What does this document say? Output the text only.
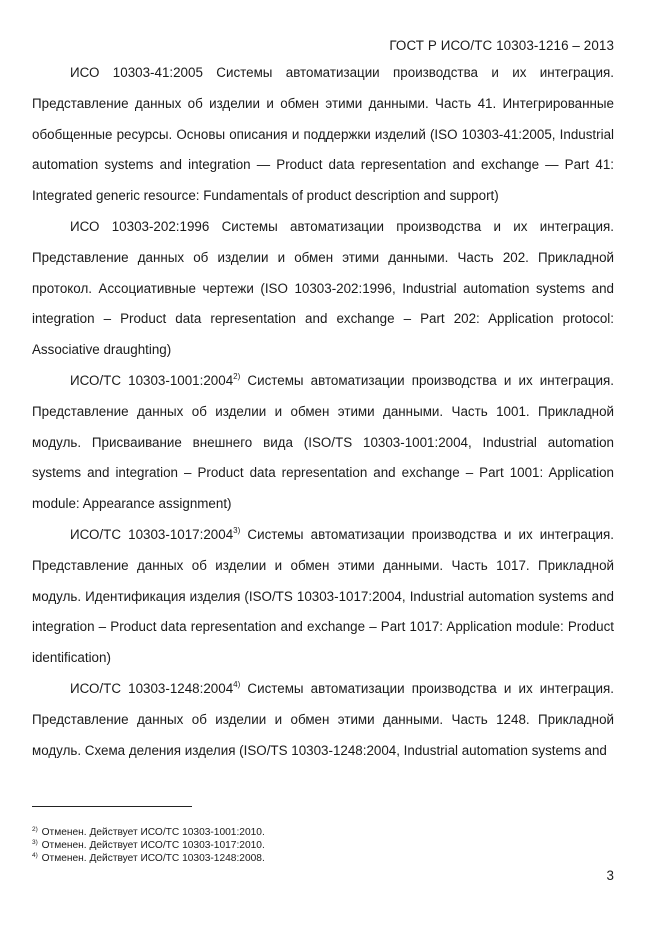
ГОСТ Р ИСО/ТС 10303-1216 – 2013

ИСО 10303-41:2005 Системы автоматизации производства и их интеграция. Представление данных об изделии и обмен этими данными. Часть 41. Интегрированные обобщенные ресурсы. Основы описания и поддержки изделий (ISO 10303-41:2005, Industrial automation systems and integration — Product data representation and exchange — Part 41: Integrated generic resource: Fundamentals of product description and support)

ИСО 10303-202:1996 Системы автоматизации производства и их интеграция. Представление данных об изделии и обмен этими данными. Часть 202. Прикладной протокол. Ассоциативные чертежи (ISO 10303-202:1996, Industrial automation systems and integration – Product data representation and exchange – Part 202: Application protocol: Associative draughting)

ИСО/ТС 10303-1001:2004$^{2)}$ Системы автоматизации производства и их интеграция. Представление данных об изделии и обмен этими данными. Часть 1001. Прикладной модуль. Присваивание внешнего вида (ISO/TS 10303-1001:2004, Industrial automation systems and integration – Product data representation and exchange – Part 1001: Application module: Appearance assignment)

ИСО/ТС 10303-1017:2004$^{3)}$ Системы автоматизации производства и их интеграция. Представление данных об изделии и обмен этими данными. Часть 1017. Прикладной модуль. Идентификация изделия (ISO/TS 10303-1017:2004, Industrial automation systems and integration – Product data representation and exchange – Part 1017: Application module: Product identification)

ИСО/ТС 10303-1248:2004$^{4)}$ Системы автоматизации производства и их интеграция. Представление данных об изделии и обмен этими данными. Часть 1248. Прикладной модуль. Схема деления изделия (ISO/TS 10303-1248:2004, Industrial automation systems and

$^{2)}$ Отменен. Действует ИСО/ТС 10303-1001:2010.
$^{3)}$ Отменен. Действует ИСО/ТС 10303-1017:2010.
$^{4)}$ Отменен. Действует ИСО/ТС 10303-1248:2008.
3
